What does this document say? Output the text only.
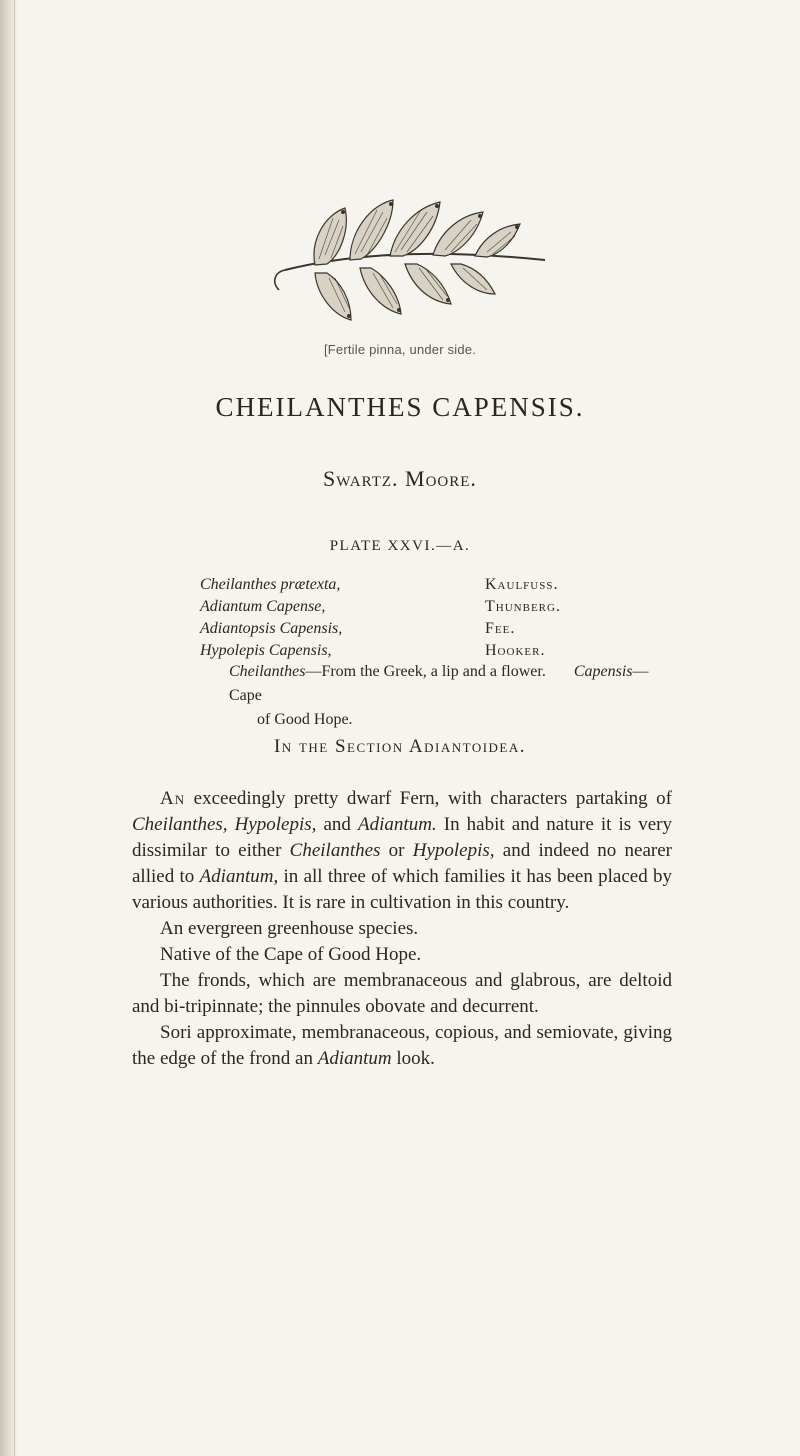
[Fertile pinna, under side.
CHEILANTHES CAPENSIS.
Swartz. Moore.
PLATE XXVI.—A.
Cheilanthes prætexta,	Kaulfuss.
Adiantum Capense,	Thunberg.
Adiantopsis Capensis,	Fee.
Hypolepis Capensis,	Hooker.
Cheilanthes—From the Greek, a lip and a flower. Capensis—Cape
of Good Hope.
In the Section Adiantoidea.

An exceedingly pretty dwarf Fern, with characters partaking of Cheilanthes, Hypolepis, and Adiantum. In habit and nature it is very dissimilar to either Cheilanthes or Hypolepis, and indeed no nearer allied to Adiantum, in all three of which families it has been placed by various authorities. It is rare in cultivation in this country.

An evergreen greenhouse species.

Native of the Cape of Good Hope.

The fronds, which are membranaceous and glabrous, are deltoid and bi-tripinnate; the pinnules obovate and decurrent.

Sori approximate, membranaceous, copious, and semiovate, giving the edge of the frond an Adiantum look.
